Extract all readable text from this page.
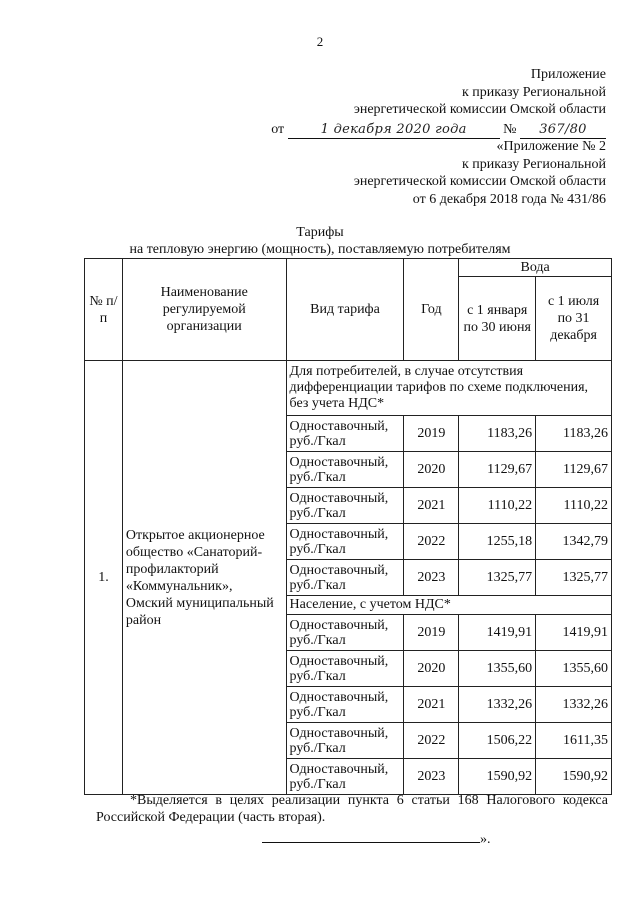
2
Приложение
к приказу Региональной
энергетической комиссии Омской области
от	1 декабря 2020 года	№ 367/80
«Приложение № 2
к приказу Региональной
энергетической комиссии Омской области
от 6 декабря 2018 года № 431/86
Тарифы
на тепловую энергию (мощность), поставляемую потребителям
№ п/п	Наименование регулируемой организации	Вид тарифа	Год	Вода	
				с 1 января по 30 июня	с 1 июля по 31 декабря
1.	Открытое акционерное общество «Санаторий-профилакторий «Коммунальник», Омский муниципальный район	Для потребителей, в случае отсутствия дифференциации тарифов по схеме подключения, без учета НДС*			
		Одноставочный, руб./Гкал	2019	1183,26	1183,26
		Одноставочный, руб./Гкал	2020	1129,67	1129,67
		Одноставочный, руб./Гкал	2021	1110,22	1110,22
		Одноставочный, руб./Гкал	2022	1255,18	1342,79
		Одноставочный, руб./Гкал	2023	1325,77	1325,77
		Население, с учетом НДС*			
		Одноставочный, руб./Гкал	2019	1419,91	1419,91
		Одноставочный, руб./Гкал	2020	1355,60	1355,60
		Одноставочный, руб./Гкал	2021	1332,26	1332,26
		Одноставочный, руб./Гкал	2022	1506,22	1611,35
		Одноставочный, руб./Гкал	2023	1590,92	1590,92
*Выделяется в целях реализации пункта 6 статьи 168 Налогового кодекса Российской Федерации (часть вторая).
».
